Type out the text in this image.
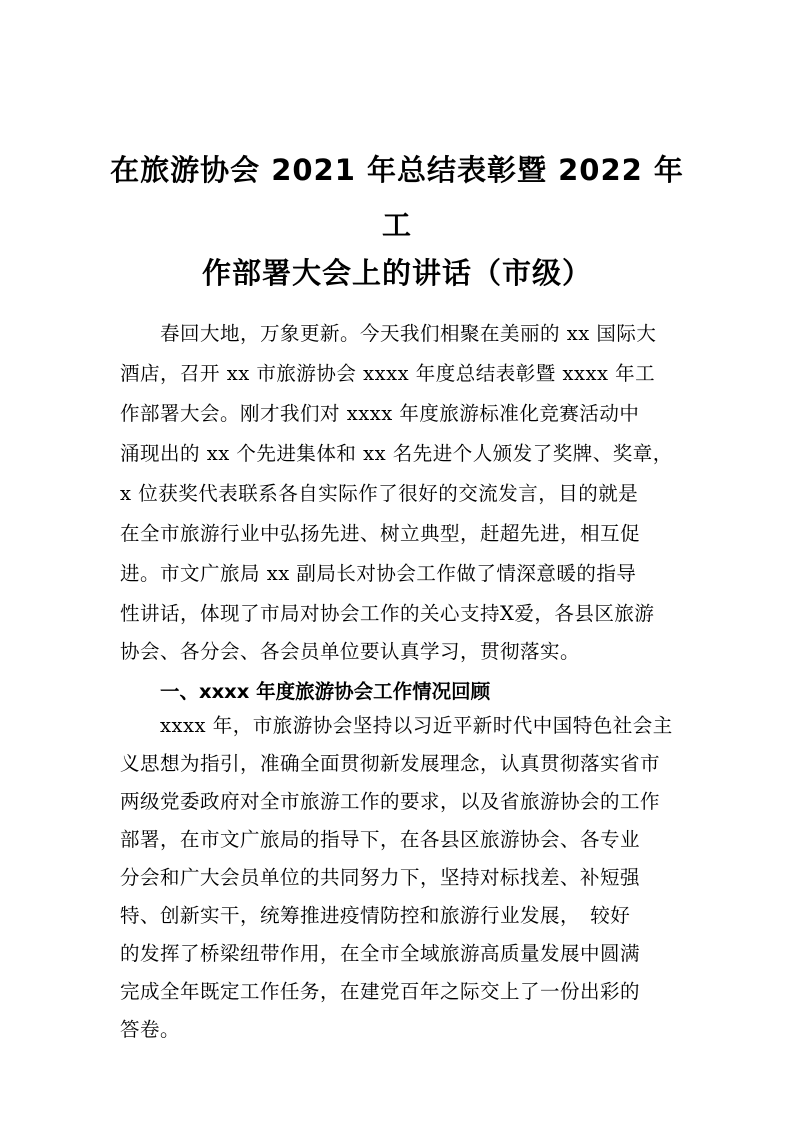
在旅游协会 2021 年总结表彰暨 2022 年
工
作部署大会上的讲话（市级）
　　春回大地，万象更新。今天我们相聚在美丽的 xx 国际大
酒店，召开 xx 市旅游协会 xxxx 年度总结表彰暨 xxxx 年工
作部署大会。刚才我们对 xxxx 年度旅游标准化竞赛活动中
涌现出的 xx 个先进集体和 xx 名先进个人颁发了奖牌、奖章，
x 位获奖代表联系各自实际作了很好的交流发言，目的就是
在全市旅游行业中弘扬先进、树立典型，赶超先进，相互促
进。市文广旅局 xx 副局长对协会工作做了情深意暖的指导
性讲话，体现了市局对协会工作的关心支持X爱，各县区旅游
协会、各分会、各会员单位要认真学习，贯彻落实。
一、xxxx 年度旅游协会工作情况回顾
　　xxxx 年，市旅游协会坚持以习近平新时代中国特色社会主
义思想为指引，准确全面贯彻新发展理念，认真贯彻落实省市
两级党委政府对全市旅游工作的要求，以及省旅游协会的工作
部署，在市文广旅局的指导下，在各县区旅游协会、各专业
分会和广大会员单位的共同努力下，坚持对标找差、补短强
特、创新实干，统筹推进疫情防控和旅游行业发展，　较好
的发挥了桥梁纽带作用，在全市全域旅游高质量发展中圆满
完成全年既定工作任务，在建党百年之际交上了一份出彩的
答卷。
